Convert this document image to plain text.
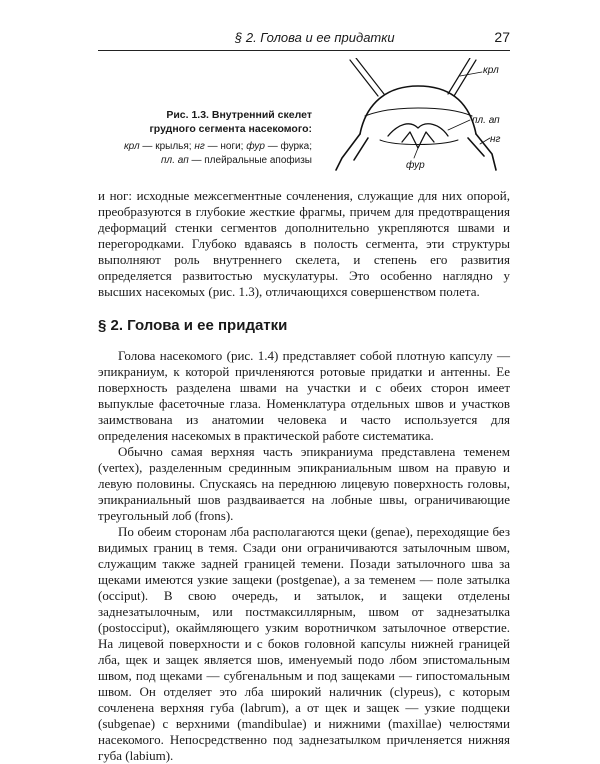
§ 2. Голова и ее придатки	27
Рис. 1.3. Внутренний скелет
грудного сегмента насекомого:
крл — крылья; нг — ноги; фур — фурка;
пл. ап — плейральные апофизы
крл
пл. ап
нг
фур

и ног: исходные межсегментные сочленения, служащие для них опорой, преобразуются в глубокие жесткие фрагмы, причем для предотвращения деформаций стенки сегментов дополнительно укрепляются швами и перегородками. Глубоко вдаваясь в полость сегмента, эти структуры выполняют роль внутреннего скелета, и степень его развития определяется развитостью мускулатуры. Это особенно наглядно у высших насекомых (рис. 1.3), отличающихся совершенством полета.

§ 2. Голова и ее придатки

Голова насекомого (рис. 1.4) представляет собой плотную капсулу — эпикраниум, к которой причленяются ротовые придатки и антенны. Ее поверхность разделена швами на участки и с обеих сторон имеет выпуклые фасеточные глаза. Номенклатура отдельных швов и участков заимствована из анатомии человека и часто используется для определения насекомых в практической работе систематика.

Обычно самая верхняя часть эпикраниума представлена теменем (vertex), разделенным срединным эпикраниальным швом на правую и левую половины. Спускаясь на переднюю лицевую поверхность головы, эпикраниальный шов раздваивается на лобные швы, ограничивающие треугольный лоб (frons).

По обеим сторонам лба располагаются щеки (genae), переходящие без видимых границ в темя. Сзади они ограничиваются затылочным швом, служащим также задней границей темени. Позади затылочного шва за щеками имеются узкие защеки (postgenae), а за теменем — поле затылка (occiput). В свою очередь, и затылок, и защеки отделены заднезатылочным, или постмаксиллярным, швом от заднезатылка (postocciput), окаймляющего узким воротничком затылочное отверстие. На лицевой поверхности и с боков головной капсулы нижней границей лба, щек и защек является шов, именуемый подо лбом эпистомальным швом, под щеками — субгенальным и под защеками — гипостомальным швом. Он отделяет это лба широкий наличник (clypeus), с которым сочленена верхняя губа (labrum), а от щек и защек — узкие подщеки (subgenae) с верхними (mandibulae) и нижними (maxillae) челюстями насекомого. Непосредственно под заднезатылком причленяется нижняя губа (labium).
